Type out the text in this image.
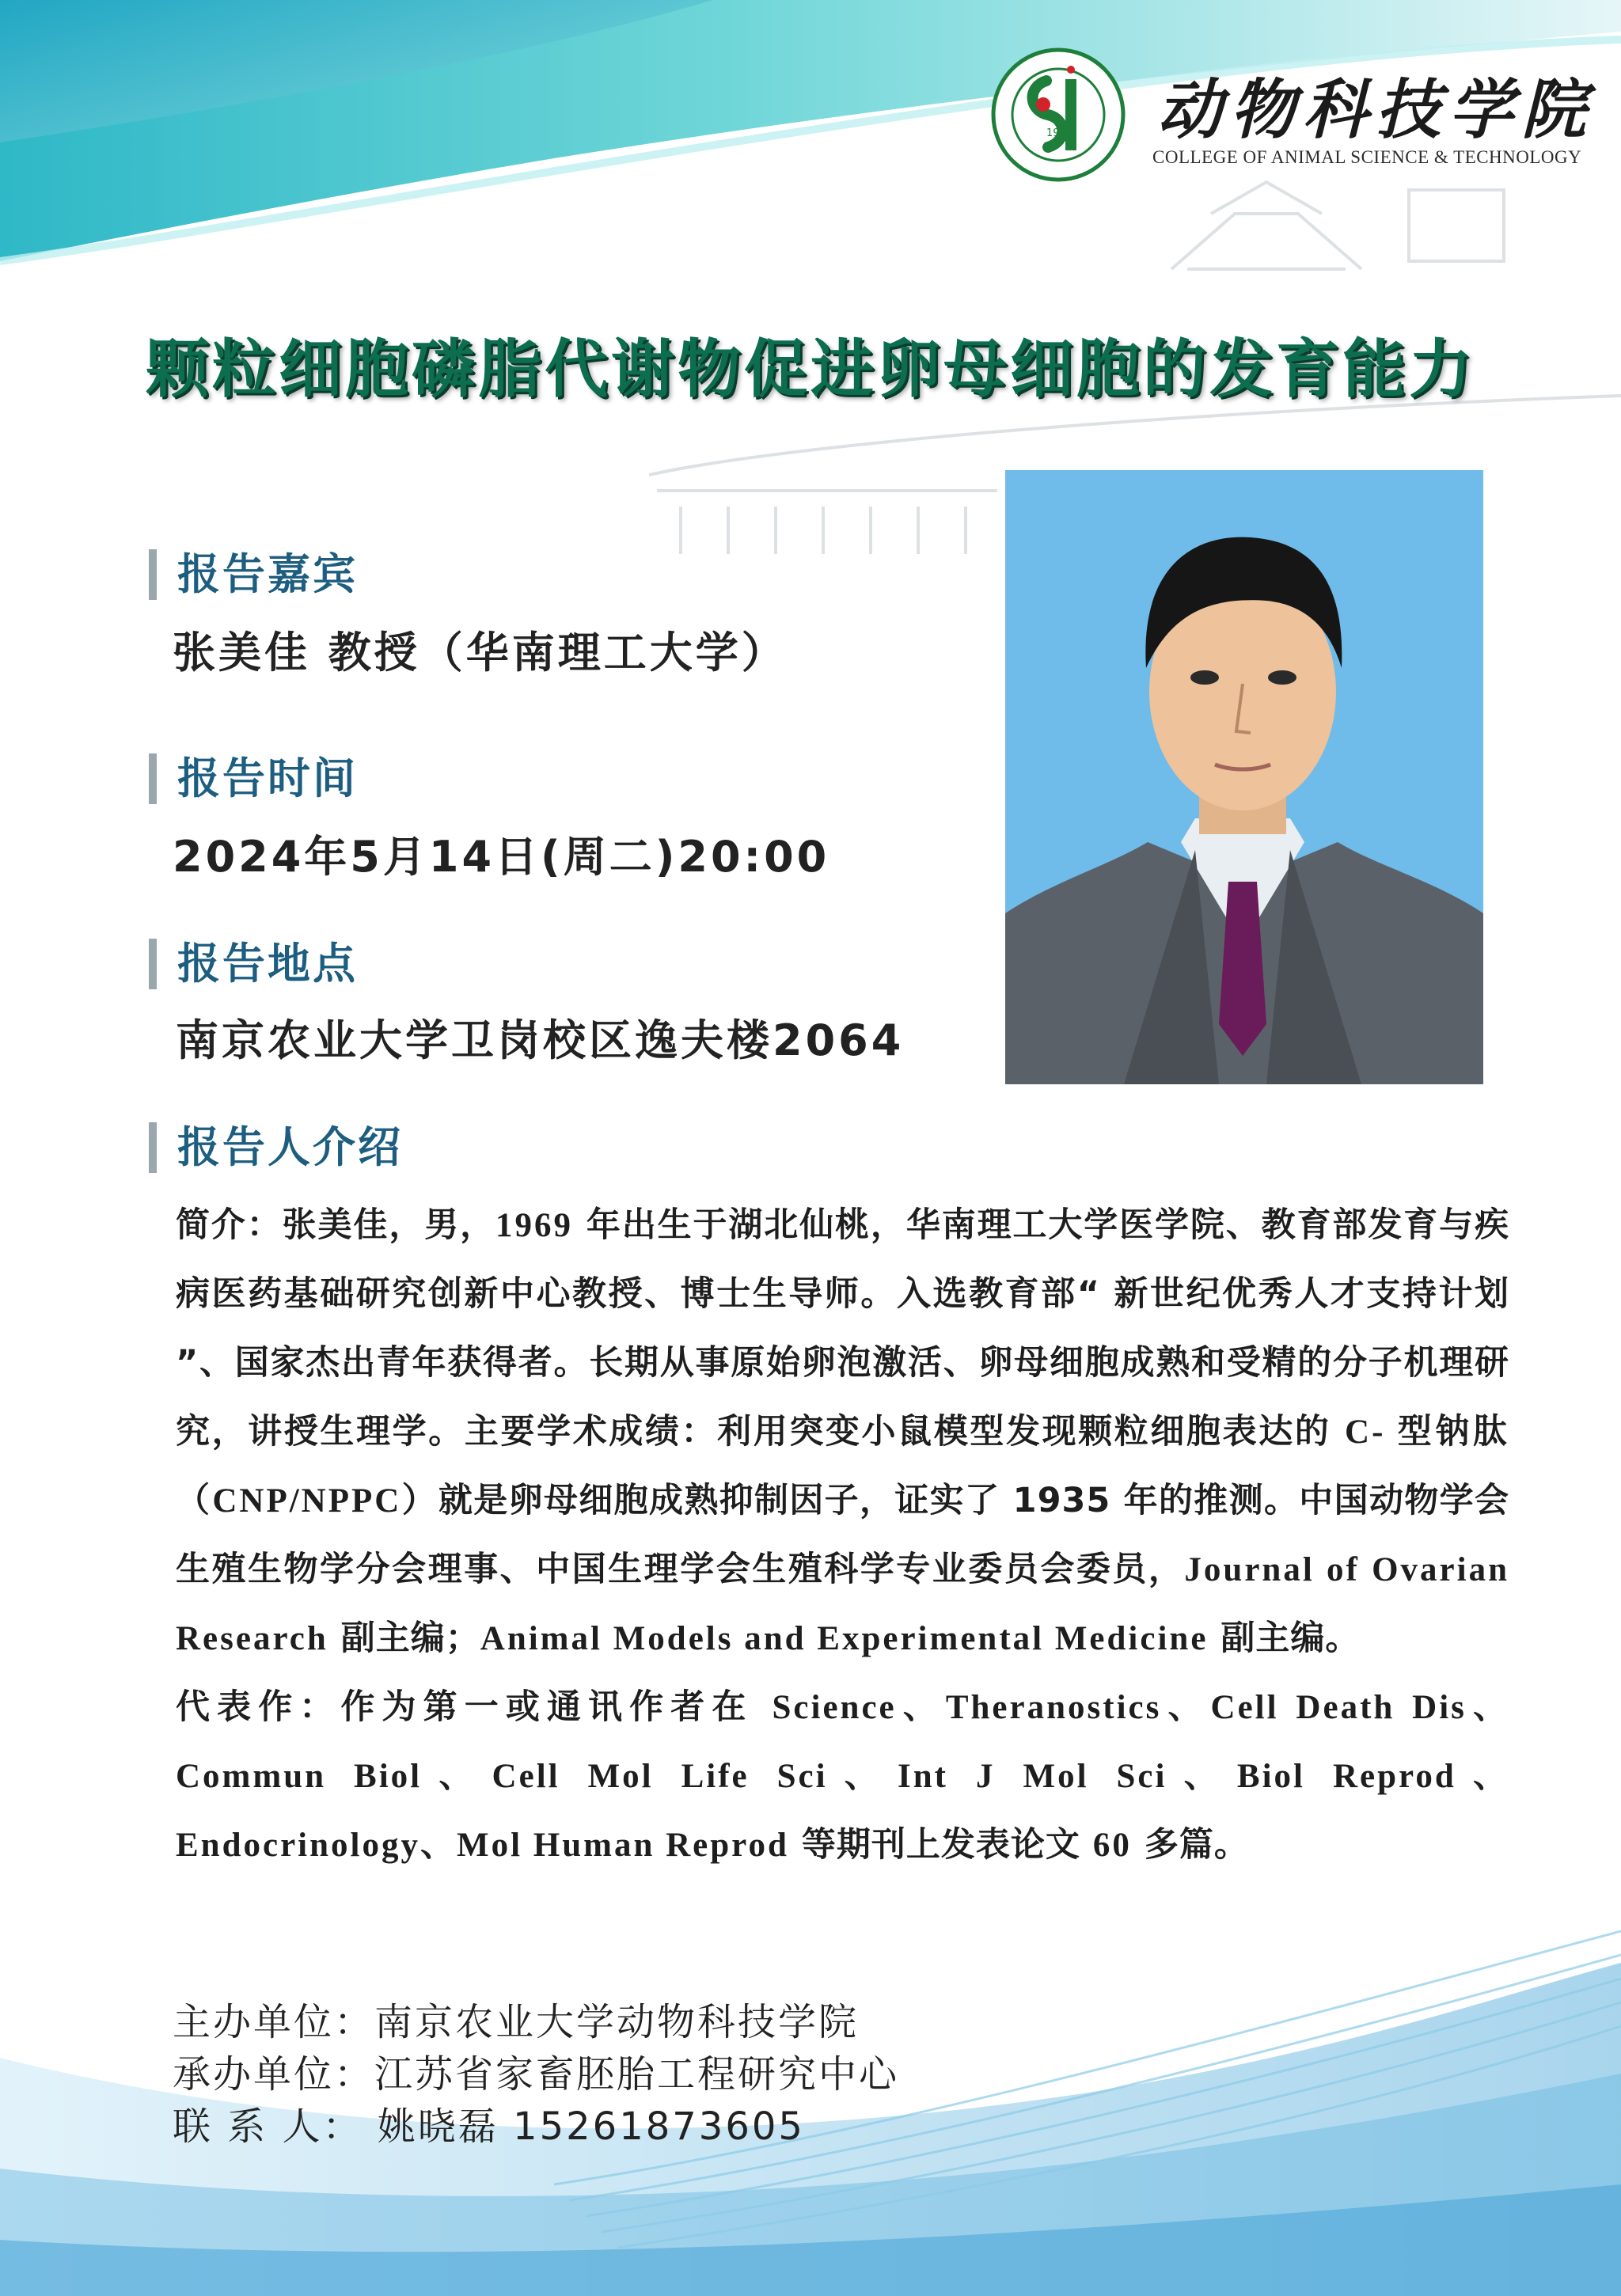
1917 动物科技学院
COLLEGE OF ANIMAL SCIENCE & TECHNOLOGY
颗粒细胞磷脂代谢物促进卵母细胞的发育能力
报告嘉宾
张美佳 教授（华南理工大学）
报告时间
2024年5月14日(周二)20:00
报告地点
南京农业大学卫岗校区逸夫楼2064
报告人介绍

简介：张美佳，男，1969 年出生于湖北仙桃，华南理工大学医学院、教育部发育与疾病医药基础研究创新中心教授、博士生导师。入选教育部“ 新世纪优秀人才支持计划 ”、国家杰出青年获得者。长期从事原始卵泡激活、卵母细胞成熟和受精的分子机理研究，讲授生理学。主要学术成绩：利用突变小鼠模型发现颗粒细胞表达的 C- 型钠肽（CNP/NPPC）就是卵母细胞成熟抑制因子，证实了 1935 年的推测。中国动物学会生殖生物学分会理事、中国生理学会生殖科学专业委员会委员，Journal of Ovarian Research 副主编；Animal Models and Experimental Medicine 副主编。

代表作：作为第一或通讯作者在 Science、Theranostics、Cell Death Dis、Commun Biol、Cell Mol Life Sci、Int J Mol Sci、Biol Reprod、Endocrinology、Mol Human Reprod 等期刊上发表论文 60 多篇。

主办单位：南京农业大学动物科技学院
承办单位：江苏省家畜胚胎工程研究中心
联 系 人： 姚晓磊 15261873605
